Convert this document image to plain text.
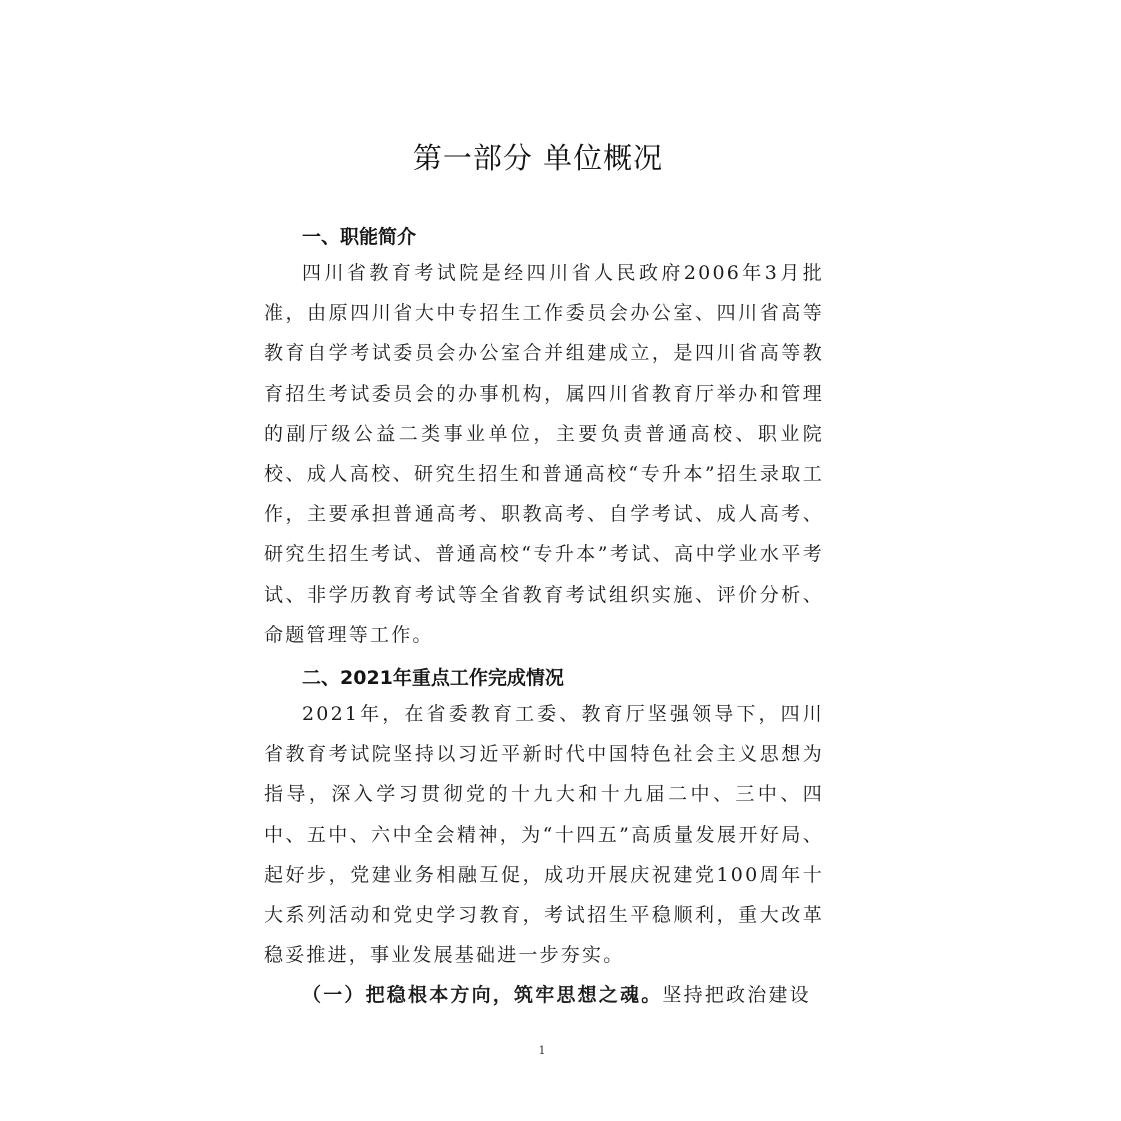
第一部分 单位概况
一、职能简介

四川省教育考试院是经四川省人民政府2006年3月批准，由原四川省大中专招生工作委员会办公室、四川省高等教育自学考试委员会办公室合并组建成立，是四川省高等教育招生考试委员会的办事机构，属四川省教育厅举办和管理的副厅级公益二类事业单位，主要负责普通高校、职业院校、成人高校、研究生招生和普通高校“专升本”招生录取工作，主要承担普通高考、职教高考、自学考试、成人高考、研究生招生考试、普通高校“专升本”考试、高中学业水平考试、非学历教育考试等全省教育考试组织实施、评价分析、命题管理等工作。

二、2021年重点工作完成情况

2021年，在省委教育工委、教育厅坚强领导下，四川省教育考试院坚持以习近平新时代中国特色社会主义思想为指导，深入学习贯彻党的十九大和十九届二中、三中、四中、五中、六中全会精神，为“十四五”高质量发展开好局、起好步，党建业务相融互促，成功开展庆祝建党100周年十大系列活动和党史学习教育，考试招生平稳顺利，重大改革稳妥推进，事业发展基础进一步夯实。

（一）把稳根本方向，筑牢思想之魂。坚持把政治建设

1
